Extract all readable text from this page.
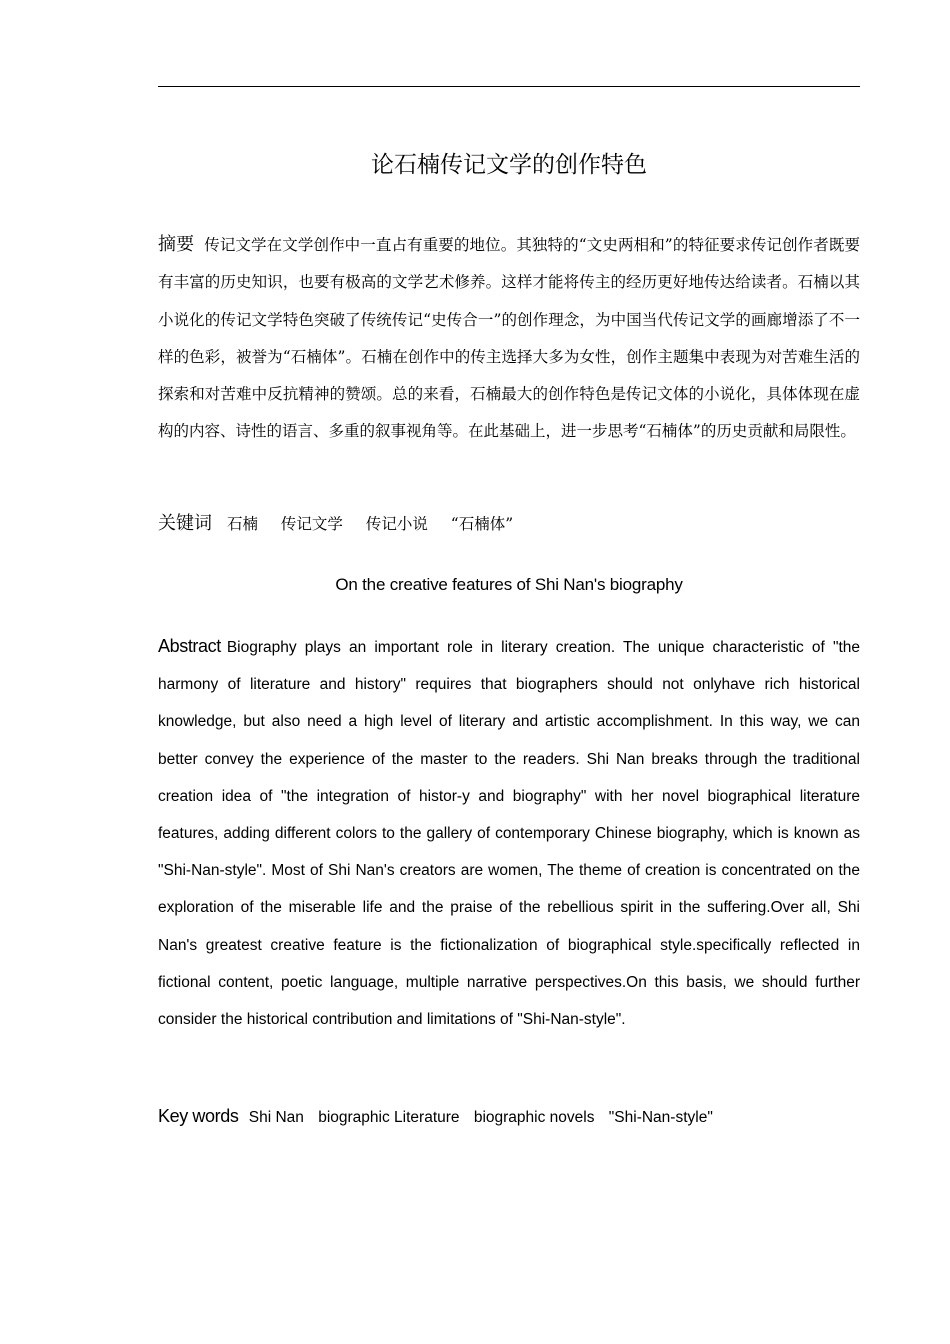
论石楠传记文学的创作特色
摘要 传记文学在文学创作中一直占有重要的地位。其独特的“文史两相和”的特征要求传记创作者既要有丰富的历史知识，也要有极高的文学艺术修养。这样才能将传主的经历更好地传达给读者。石楠以其小说化的传记文学特色突破了传统传记“史传合一”的创作理念，为中国当代传记文学的画廊增添了不一样的色彩，被誉为“石楠体”。石楠在创作中的传主选择大多为女性，创作主题集中表现为对苦难生活的探索和对苦难中反抗精神的赞颂。总的来看，石楠最大的创作特色是传记文体的小说化，具体体现在虚构的内容、诗性的语言、多重的叙事视角等。在此基础上，进一步思考“石楠体”的历史贡献和局限性。
关键词 石楠 传记文学 传记小说 “石楠体”
On the creative features of Shi Nan's biography
Abstract Biography plays an important role in literary creation. The unique characteristic of "the harmony of literature and history" requires that biographers should not onlyhave rich historical knowledge, but also need a high level of literary and artistic accomplishment. In this way, we can better convey the experience of the master to the readers. Shi Nan breaks through the traditional creation idea of "the integration of histor-y and biography" with her novel biographical literature features, adding different colors to the gallery of contemporary Chinese biography, which is known as "Shi-Nan-style". Most of Shi Nan's creators are women, The theme of creation is concentrated on the exploration of the miserable life and the praise of the rebellious spirit in the suffering.Over all, Shi Nan's greatest creative feature is the fictionalization of biographical style.specifically reflected in fictional content, poetic language, multiple narrative perspectives.On this basis, we should further consider the historical contribution and limitations of "Shi-Nan-style".
Key words Shi Nan biographic Literature biographic novels "Shi-Nan-style"
